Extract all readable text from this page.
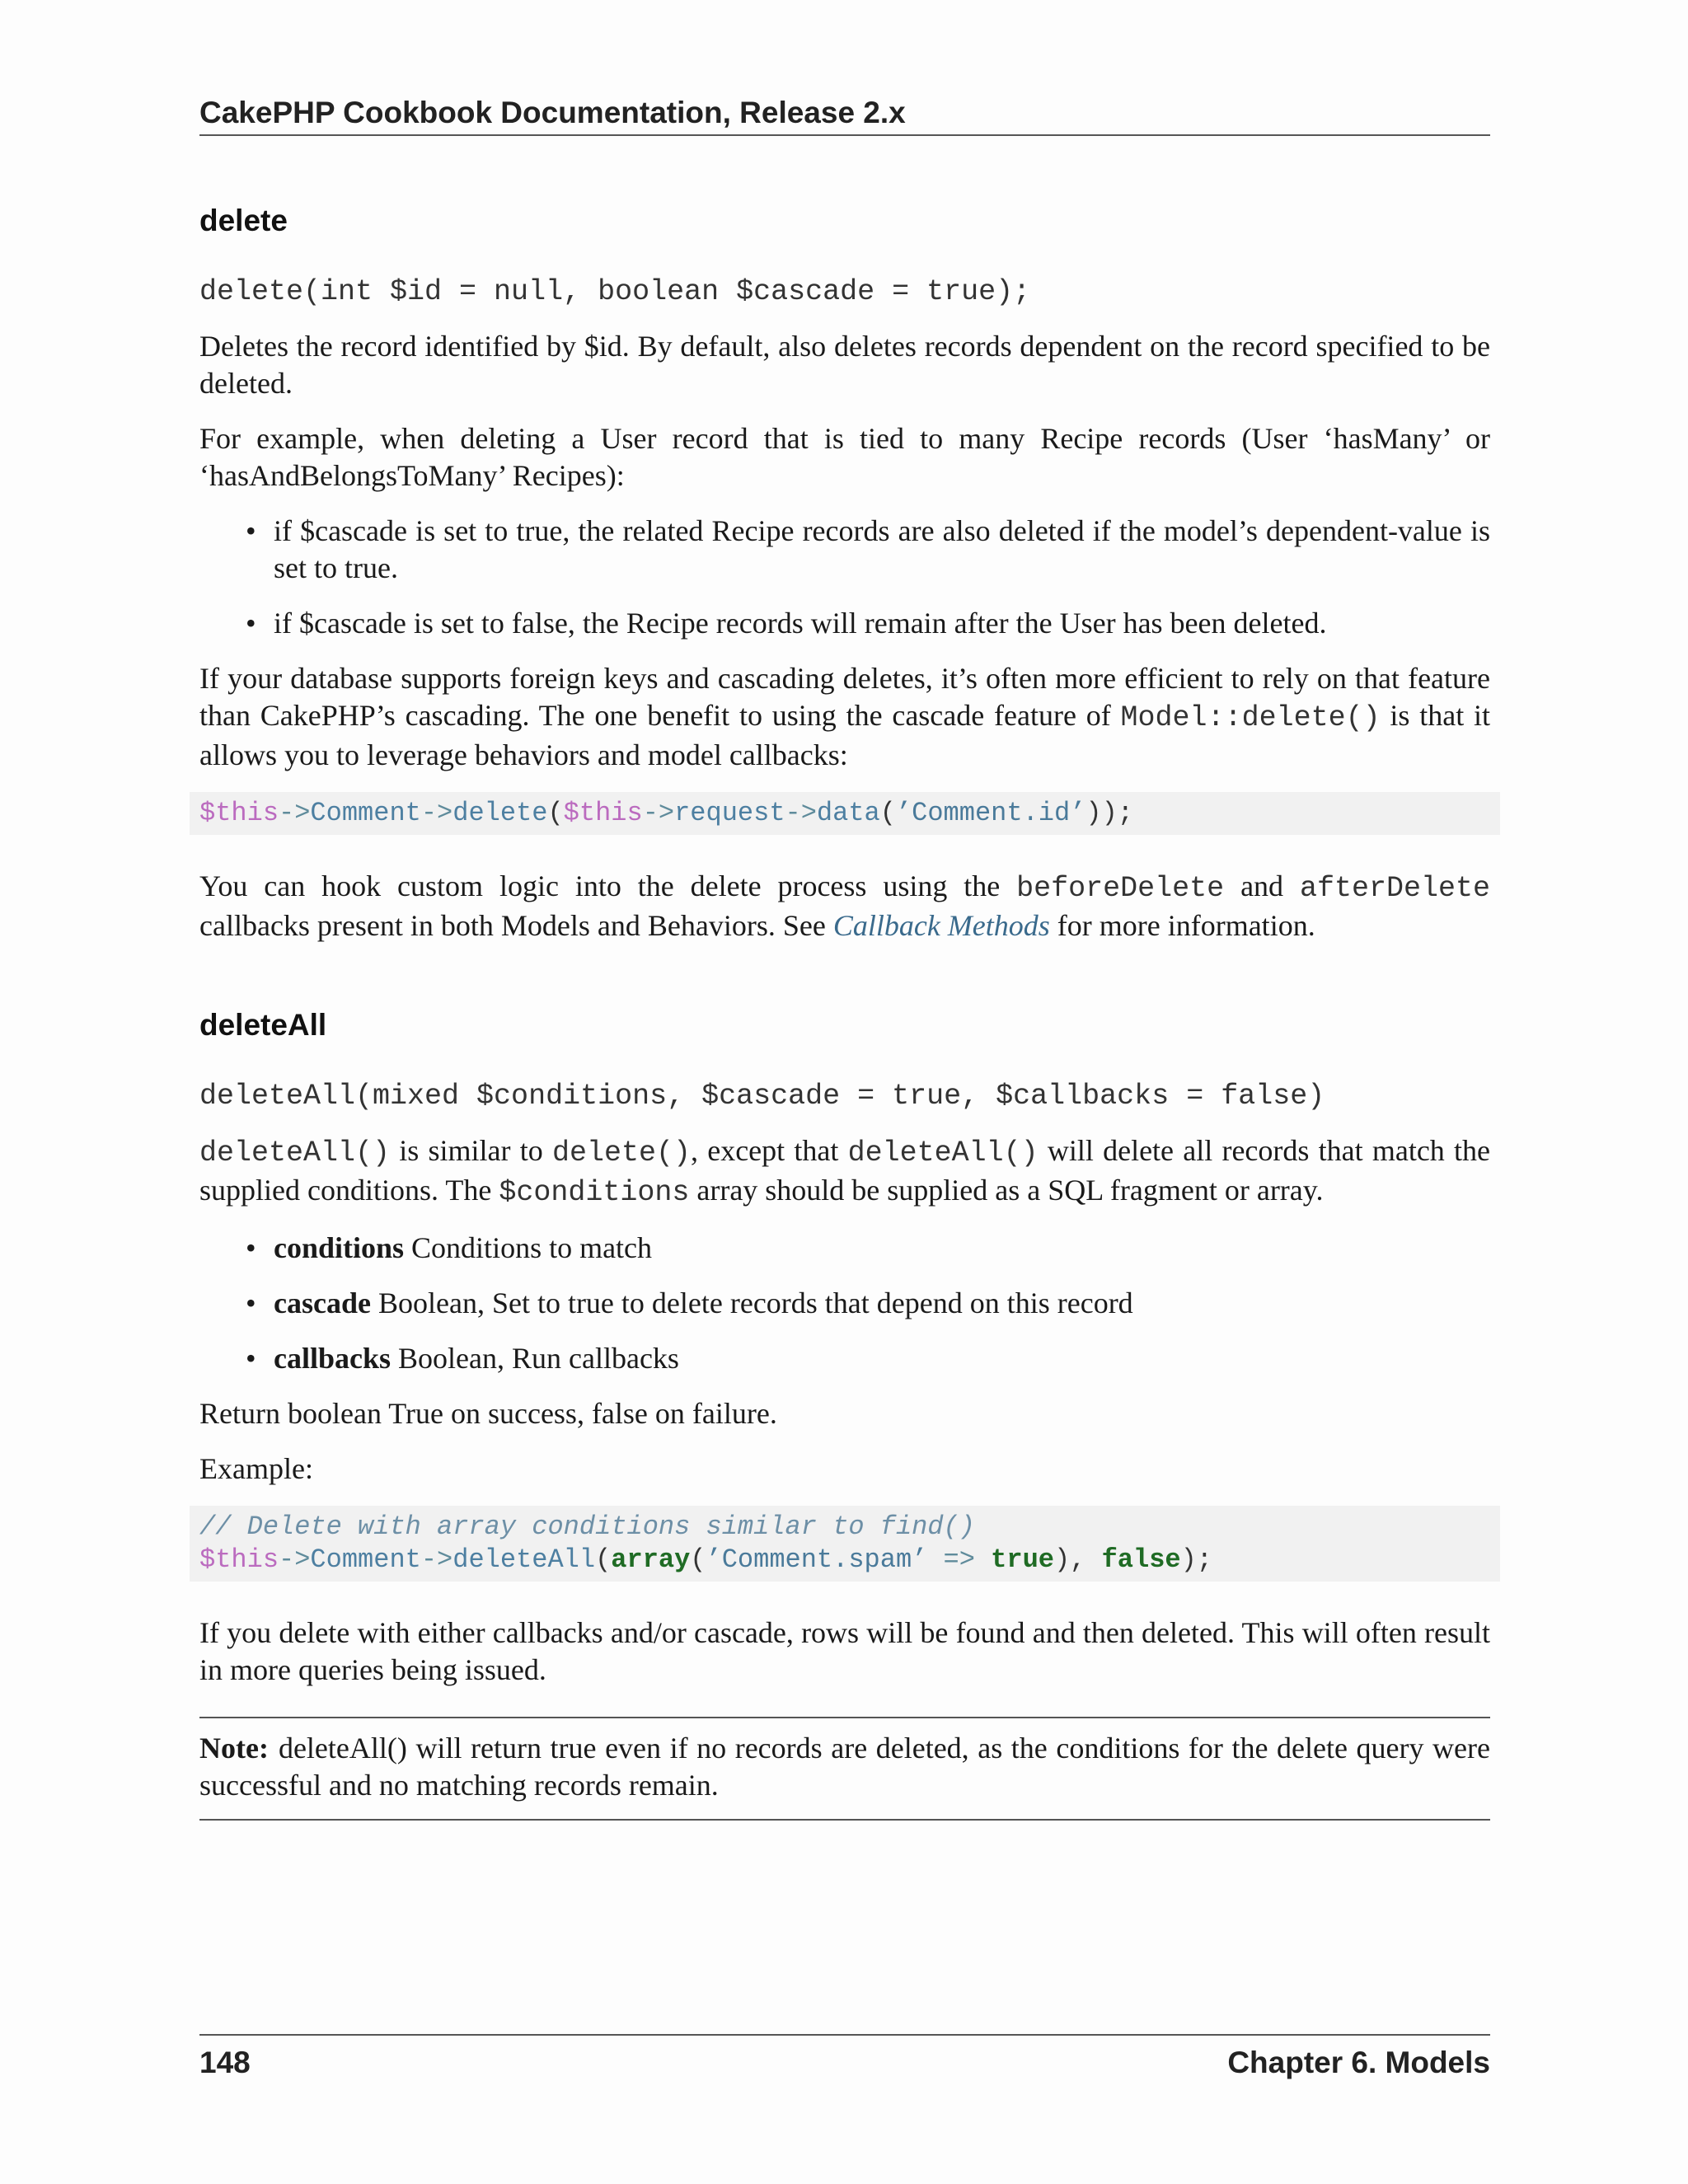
CakePHP Cookbook Documentation, Release 2.x
delete
delete(int $id = null, boolean $cascade = true);

Deletes the record identified by $id. By default, also deletes records dependent on the record specified to be deleted.

For example, when deleting a User record that is tied to many Recipe records (User ‘hasMany’ or ‘hasAndBelongsToMany’ Recipes):

• if $cascade is set to true, the related Recipe records are also deleted if the model’s dependent-value is set to true.
• if $cascade is set to false, the Recipe records will remain after the User has been deleted.

If your database supports foreign keys and cascading deletes, it’s often more efficient to rely on that feature than CakePHP’s cascading. The one benefit to using the cascade feature of Model::delete() is that it allows you to leverage behaviors and model callbacks:

$this->Comment->delete($this->request->data(’Comment.id’));

You can hook custom logic into the delete process using the beforeDelete and afterDelete callbacks present in both Models and Behaviors. See Callback Methods for more information.

deleteAll
deleteAll(mixed $conditions, $cascade = true, $callbacks = false)

deleteAll() is similar to delete(), except that deleteAll() will delete all records that match the supplied conditions. The $conditions array should be supplied as a SQL fragment or array.

• conditions Conditions to match
• cascade Boolean, Set to true to delete records that depend on this record
• callbacks Boolean, Run callbacks

Return boolean True on success, false on failure.

Example:

// Delete with array conditions similar to find()
$this->Comment->deleteAll(array(’Comment.spam’ => true), false);

If you delete with either callbacks and/or cascade, rows will be found and then deleted. This will often result in more queries being issued.

Note: deleteAll() will return true even if no records are deleted, as the conditions for the delete query were successful and no matching records remain.

148	Chapter 6. Models
